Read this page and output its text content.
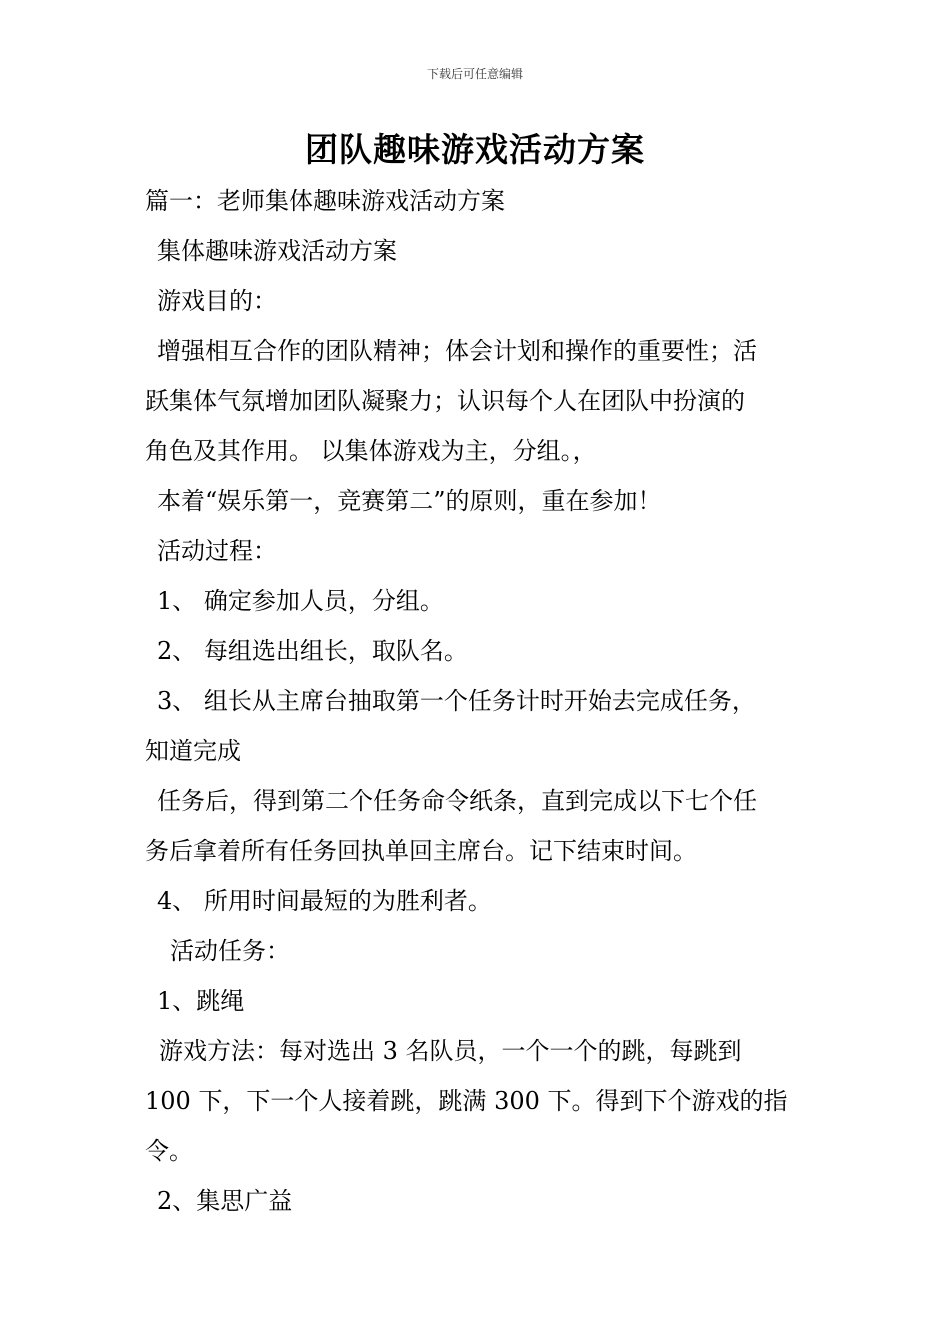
下载后可任意编辑
团队趣味游戏活动方案
篇一：老师集体趣味游戏活动方案
集体趣味游戏活动方案
游戏目的：
增强相互合作的团队精神；体会计划和操作的重要性；活
跃集体气氛增加团队凝聚力；认识每个人在团队中扮演的
角色及其作用。 以集体游戏为主，分组。，
本着“娱乐第一，竞赛第二”的原则，重在参加！
活动过程：
1、 确定参加人员，分组。
2、 每组选出组长，取队名。
3、 组长从主席台抽取第一个任务计时开始去完成任务，
知道完成
任务后，得到第二个任务命令纸条，直到完成以下七个任
务后拿着所有任务回执单回主席台。记下结束时间。
4、 所用时间最短的为胜利者。
活动任务：
1、跳绳
游戏方法：每对选出 3 名队员，一个一个的跳，每跳到
100 下，下一个人接着跳，跳满 300 下。得到下个游戏的指
令。
2、集思广益
